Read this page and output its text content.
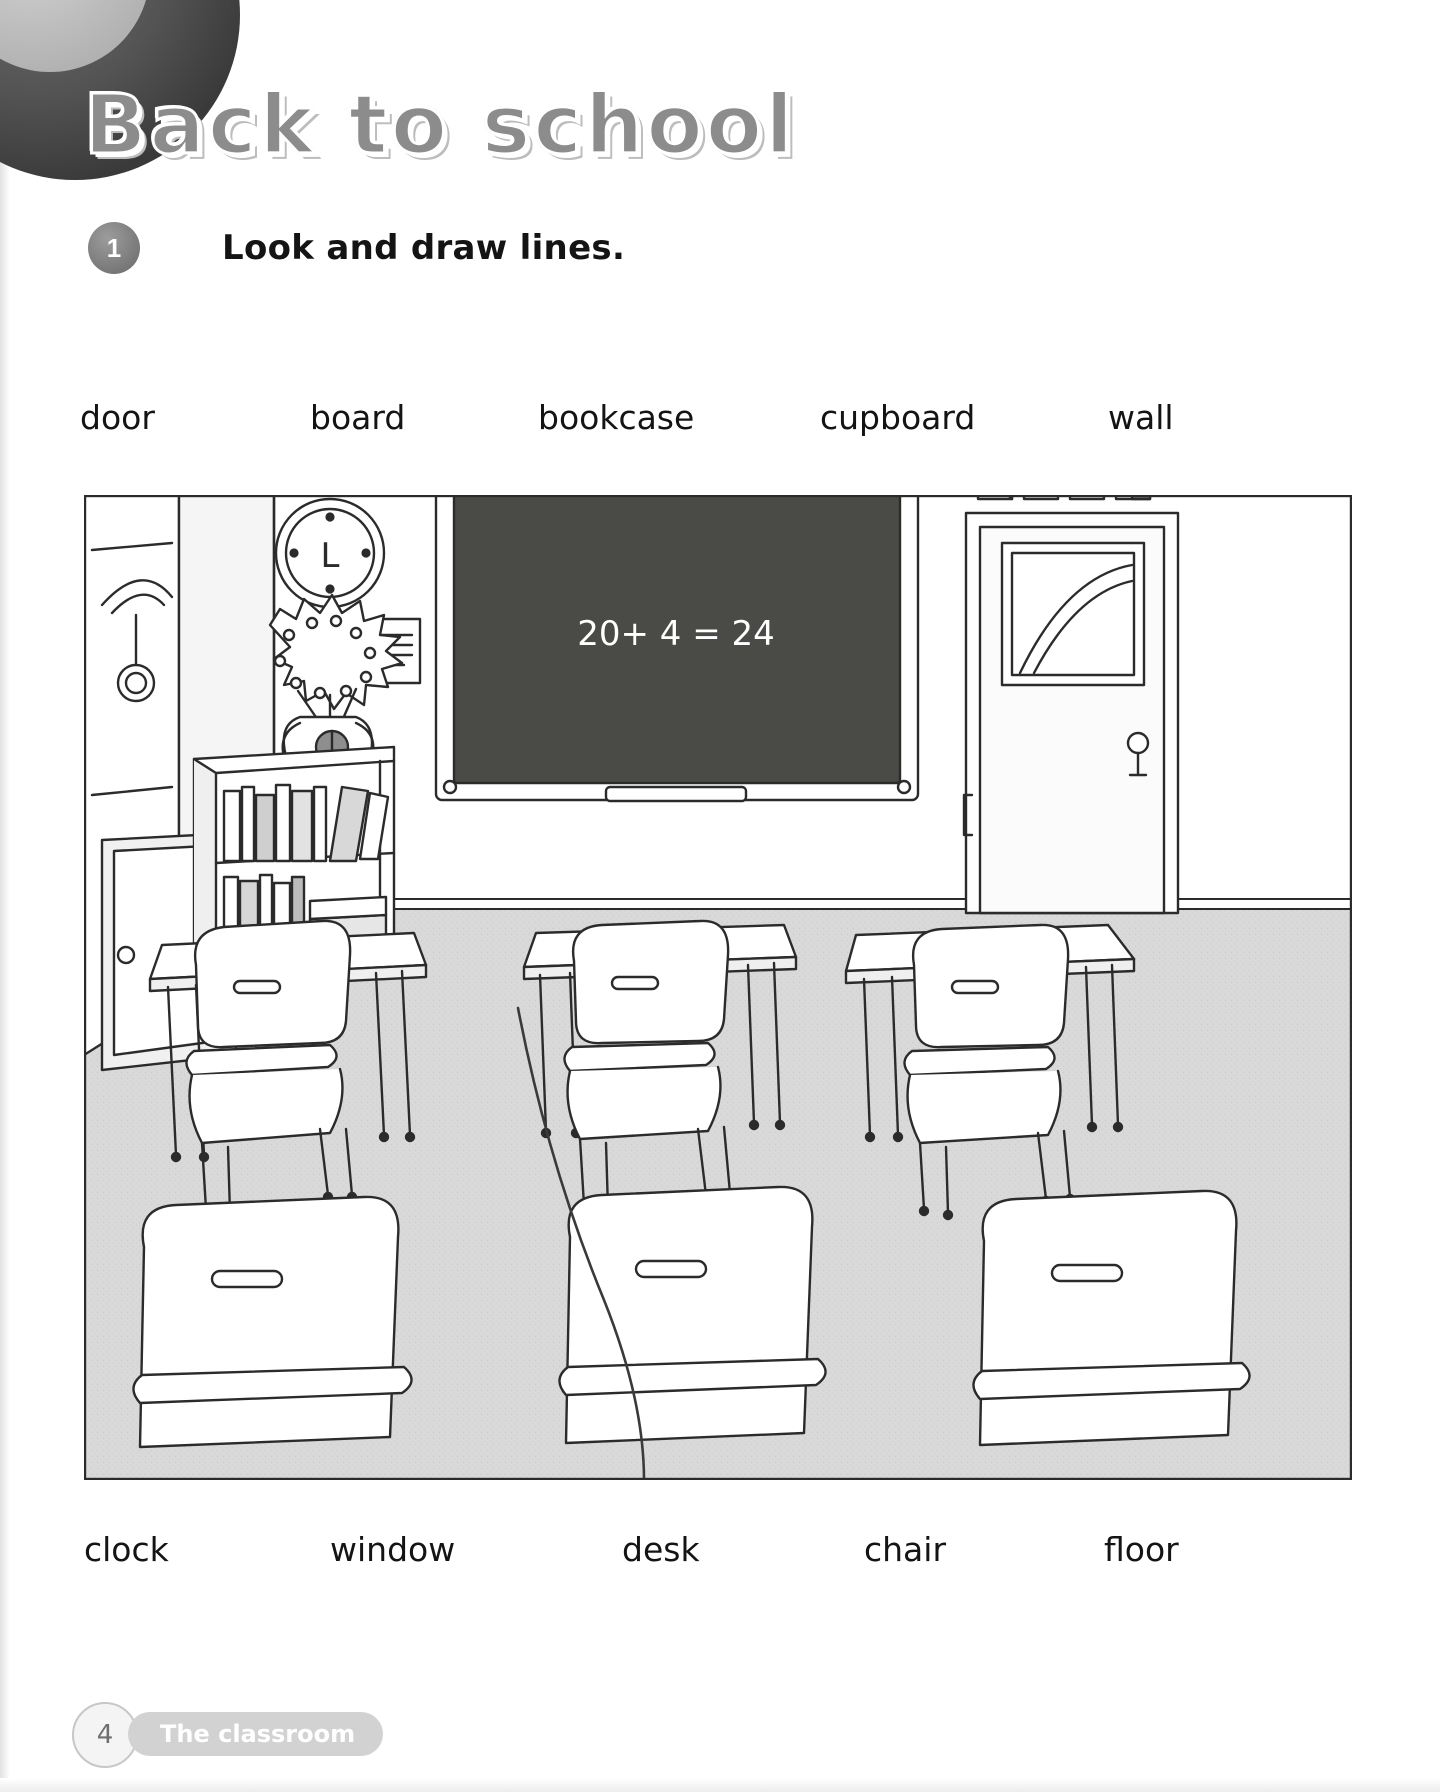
Back to school
1	Look and draw lines.
door	board	bookcase	cupboard	wall
clock	window	desk	chair	floor
L
20+ 4 = 24
4	The classroom
